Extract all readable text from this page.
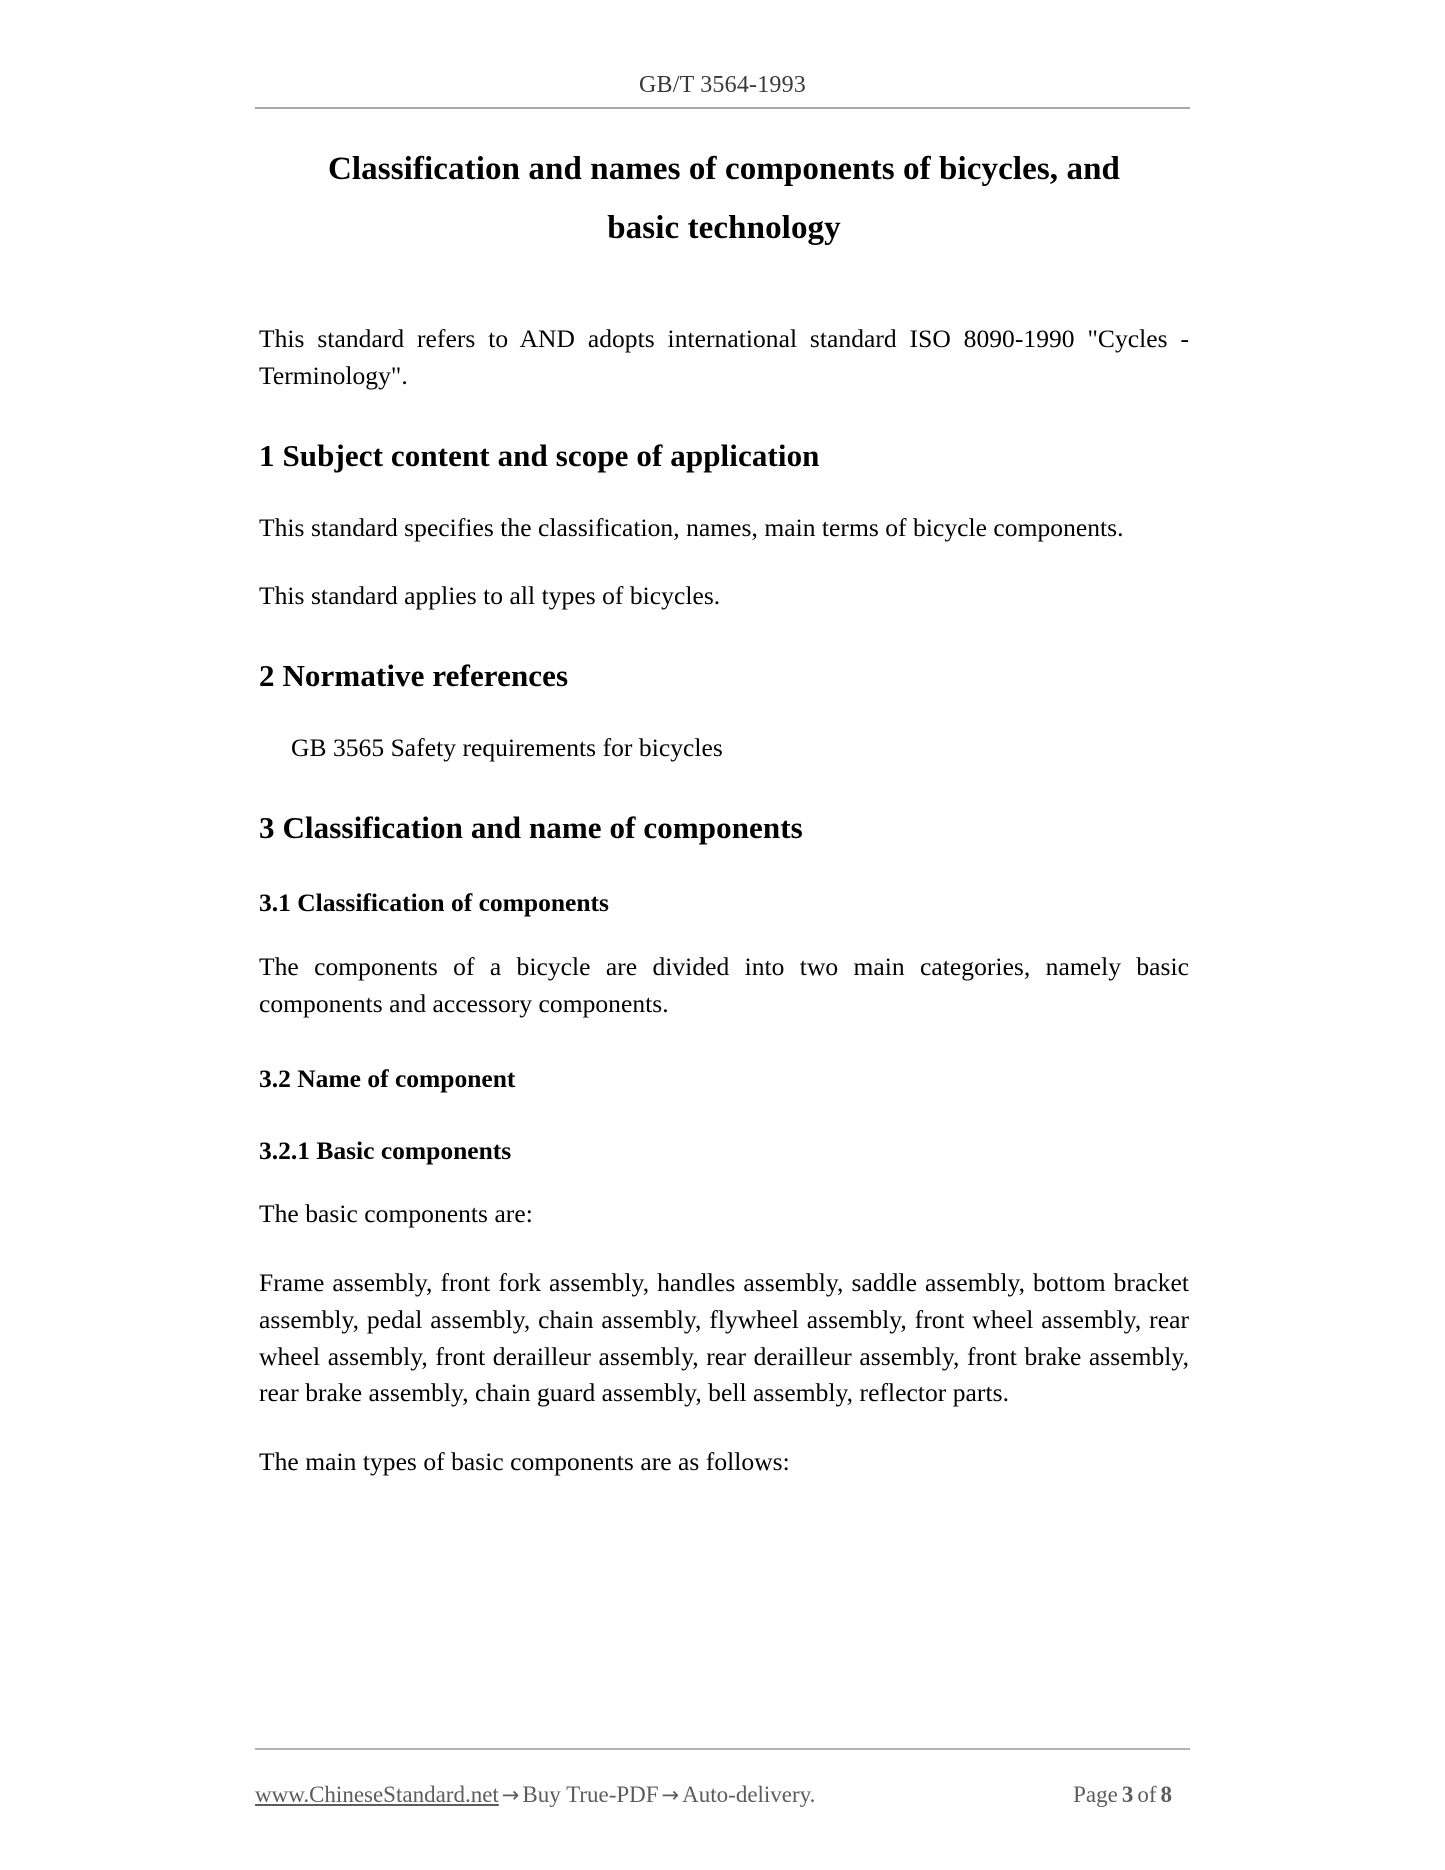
GB/T 3564-1993
Classification and names of components of bicycles, and
basic technology

This standard refers to AND adopts international standard ISO 8090-1990 "Cycles - Terminology".

1 Subject content and scope of application

This standard specifies the classification, names, main terms of bicycle components.

This standard applies to all types of bicycles.

2 Normative references

GB 3565 Safety requirements for bicycles

3 Classification and name of components
3.1 Classification of components

The components of a bicycle are divided into two main categories, namely basic components and accessory components.

3.2 Name of component
3.2.1 Basic components

The basic components are:

Frame assembly, front fork assembly, handles assembly, saddle assembly, bottom bracket assembly, pedal assembly, chain assembly, flywheel assembly, front wheel assembly, rear wheel assembly, front derailleur assembly, rear derailleur assembly, front brake assembly, rear brake assembly, chain guard assembly, bell assembly, reflector parts.

The main types of basic components are as follows:

www.ChineseStandard.net → Buy True-PDF → Auto-delivery.	Page 3 of 8
